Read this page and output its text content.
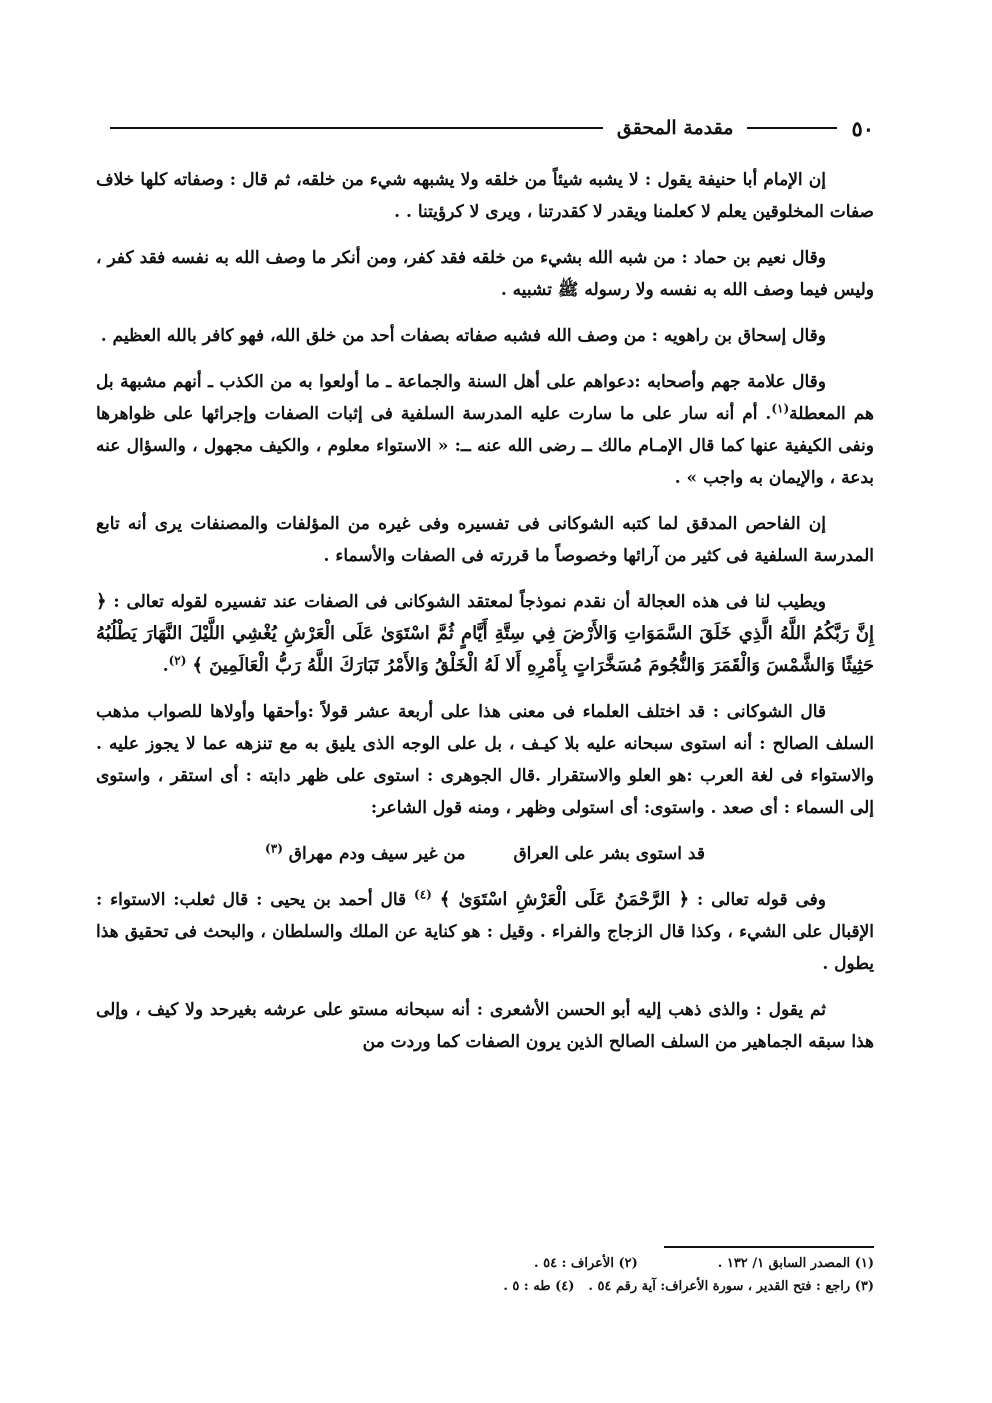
٥٠
مقدمة المحقق

إن الإمام أبا حنيفة يقول : لا يشبه شيئاً من خلقه ولا يشبهه شيء من خلقه، ثم قال : وصفاته كلها خلاف صفات المخلوقين يعلم لا كعلمنا ويقدر لا كقدرتنا ، ويرى لا كرؤيتنا . .

وقال نعيم بن حماد : من شبه الله بشيء من خلقه فقد كفر، ومن أنكر ما وصف الله به نفسه فقد كفر ، وليس فيما وصف الله به نفسه ولا رسوله ﷺ تشبيه .

وقال إسحاق بن راهويه : من وصف الله فشبه صفاته بصفات أحد من خلق الله، فهو كافر بالله العظيم .

وقال علامة جهم وأصحابه :دعواهم على أهل السنة والجماعة ـ ما أولعوا به من الكذب ـ أنهم مشبهة بل هم المعطلة$^{(١)}$. أم أنه سار على ما سارت عليه المدرسة السلفية فى إثبات الصفات وإجرائها على ظواهرها ونفى الكيفية عنها كما قال الإمـام مالك ــ رضى الله عنه ــ: « الاستواء معلوم ، والكيف مجهول ، والسؤال عنه بدعة ، والإيمان به واجب » .

إن الفاحص المدقق لما كتبه الشوكانى فى تفسيره وفى غيره من المؤلفات والمصنفات يرى أنه تابع المدرسة السلفية فى كثير من آرائها وخصوصاً ما قررته فى الصفات والأسماء .

ويطيب لنا فى هذه العجالة أن نقدم نموذجاً لمعتقد الشوكانى فى الصفات عند تفسيره لقوله تعالى : ﴿ إِنَّ رَبَّكُمُ اللَّهُ الَّذِي خَلَقَ السَّمَوَاتِ وَالأَرْضَ فِي سِتَّةِ أَيَّامٍ ثُمَّ اسْتَوَىٰ عَلَى الْعَرْشِ يُغْشِي اللَّيْلَ النَّهَارَ يَطْلُبُهُ حَثِيثًا وَالشَّمْسَ وَالْقَمَرَ وَالنُّجُومَ مُسَخَّرَاتٍ بِأَمْرِهِ أَلا لَهُ الْخَلْقُ وَالأَمْرُ تَبَارَكَ اللَّهُ رَبُّ الْعَالَمِينَ ﴾ $^{(٢)}$.

قال الشوكانى : قد اختلف العلماء فى معنى هذا على أربعة عشر قولاً :وأحقها وأولاها للصواب مذهب السلف الصالح : أنه استوى سبحانه عليه بلا كيـف ، بل على الوجه الذى يليق به مع تنزهه عما لا يجوز عليه . والاستواء فى لغة العرب :هو العلو والاستقرار .قال الجوهرى : استوى على ظهر دابته : أى استقر ، واستوى إلى السماء : أى صعد . واستوى: أى استولى وظهر ، ومنه قول الشاعر:

قد استوى بشر على العراق
من غير سيف ودم مهراق $^{(٣)}$

وفى قوله تعالى : ﴿ الرَّحْمَنُ عَلَى الْعَرْشِ اسْتَوَىٰ ﴾ $^{(٤)}$ قال أحمد بن يحيى : قال ثعلب: الاستواء : الإقبال على الشيء ، وكذا قال الزجاج والفراء . وقيل : هو كناية عن الملك والسلطان ، والبحث فى تحقيق هذا يطول .

ثم يقول : والذى ذهب إليه أبو الحسن الأشعرى : أنه سبحانه مستو على عرشه بغيرحد ولا كيف ، وإلى هذا سبقه الجماهير من السلف الصالح الذين يرون الصفات كما وردت من

(١) المصدر السابق ١/ ١٣٢ .
(٢) الأعراف : ٥٤ .
(٣) راجع : فتح القدير ، سورة الأعراف: آية رقم ٥٤ .
(٤) طه : ٥ .
